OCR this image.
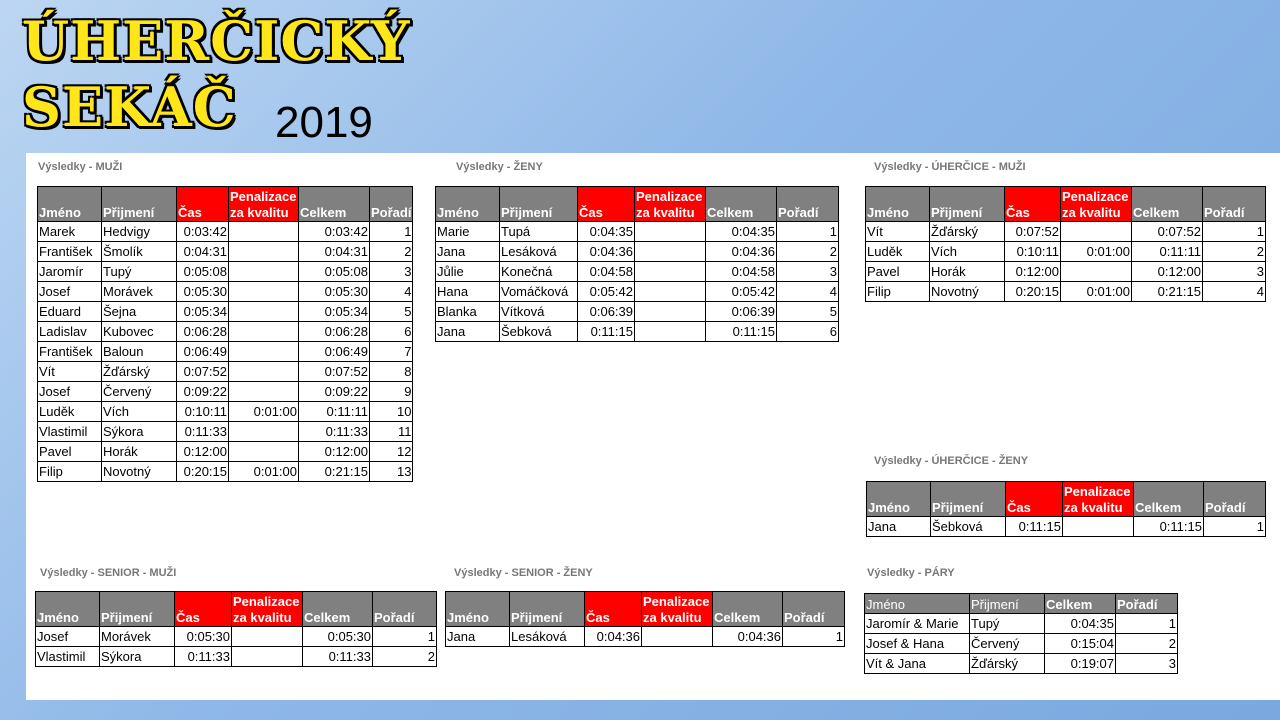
ÚHERČICKÝ
SEKÁČ 2019
Výsledky - MUŽI
Jméno	Přijmení	Čas	Penalizace za kvalitu	Celkem	Pořadí
Marek	Hedvigy	0:03:42		0:03:42	1
František	Šmolík	0:04:31		0:04:31	2
Jaromír	Tupý	0:05:08		0:05:08	3
Josef	Morávek	0:05:30		0:05:30	4
Eduard	Šejna	0:05:34		0:05:34	5
Ladislav	Kubovec	0:06:28		0:06:28	6
František	Baloun	0:06:49		0:06:49	7
Vít	Žďárský	0:07:52		0:07:52	8
Josef	Červený	0:09:22		0:09:22	9
Luděk	Vích	0:10:11	0:01:00	0:11:11	10
Vlastimil	Sýkora	0:11:33		0:11:33	11
Pavel	Horák	0:12:00		0:12:00	12
Filip	Novotný	0:20:15	0:01:00	0:21:15	13
Výsledky - ŽENY
Jméno	Přijmení	Čas	Penalizace za kvalitu	Celkem	Pořadí
Marie	Tupá	0:04:35		0:04:35	1
Jana	Lesáková	0:04:36		0:04:36	2
Jůlie	Konečná	0:04:58		0:04:58	3
Hana	Vomáčková	0:05:42		0:05:42	4
Blanka	Vítková	0:06:39		0:06:39	5
Jana	Šebková	0:11:15		0:11:15	6
Výsledky - ÚHERČICE - MUŽI
Jméno	Přijmení	Čas	Penalizace za kvalitu	Celkem	Pořadí
Vít	Žďárský	0:07:52		0:07:52	1
Luděk	Vích	0:10:11	0:01:00	0:11:11	2
Pavel	Horák	0:12:00		0:12:00	3
Filip	Novotný	0:20:15	0:01:00	0:21:15	4
Výsledky - ÚHERČICE - ŽENY
Jméno	Přijmení	Čas	Penalizace za kvalitu	Celkem	Pořadí
Jana	Šebková	0:11:15		0:11:15	1
Výsledky - SENIOR - MUŽI
Jméno	Přijmení	Čas	Penalizace za kvalitu	Celkem	Pořadí
Josef	Morávek	0:05:30		0:05:30	1
Vlastimil	Sýkora	0:11:33		0:11:33	2
Výsledky - SENIOR - ŽENY
Jméno	Přijmení	Čas	Penalizace za kvalitu	Celkem	Pořadí
Jana	Lesáková	0:04:36		0:04:36	1
Výsledky - PÁRY
Jméno	Přijmení	Celkem	Pořadí
Jaromír & Marie	Tupý	0:04:35	1
Josef & Hana	Červený	0:15:04	2
Vít & Jana	Žďárský	0:19:07	3
